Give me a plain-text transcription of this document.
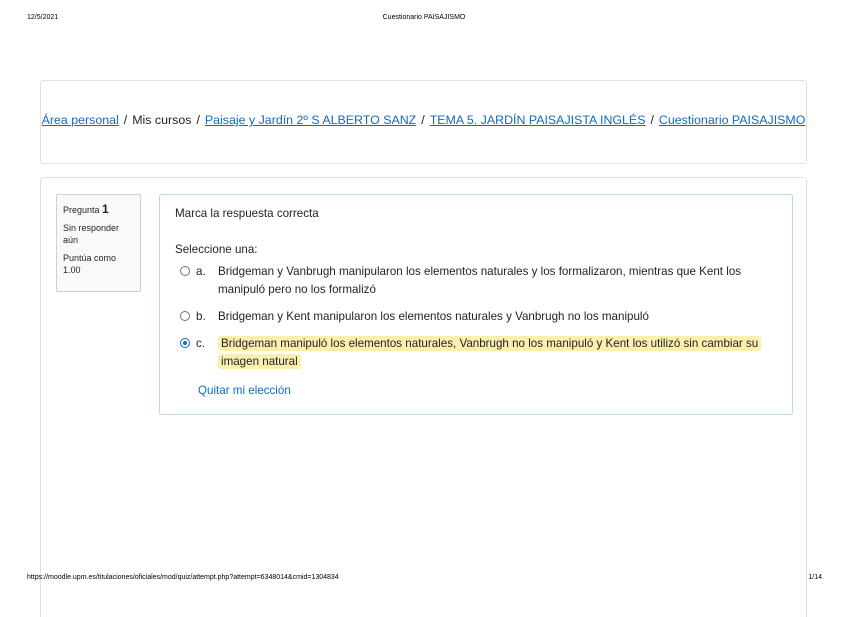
12/5/2021	Cuestionario PAISAJISMO
Área personal / Mis cursos / Paisaje y Jardín 2º S ALBERTO SANZ / TEMA 5. JARDÍN PAISAJISTA INGLÉS / Cuestionario PAISAJISMO
Pregunta 1
Sin responder aún
Puntúa como 1.00
Marca la respuesta correcta
Seleccione una:
a. Bridgeman y Vanbrugh manipularon los elementos naturales y los formalizaron, mientras que Kent los manipuló pero no los formalizó
b. Bridgeman y Kent manipularon los elementos naturales y Vanbrugh no los manipuló
c. Bridgeman manipuló los elementos naturales, Vanbrugh no los manipuló y Kent los utilizó sin cambiar su imagen natural
Quitar mi elección
https://moodle.upm.es/titulaciones/oficiales/mod/quiz/attempt.php?attempt=6348014&cmid=1304834	1/14
